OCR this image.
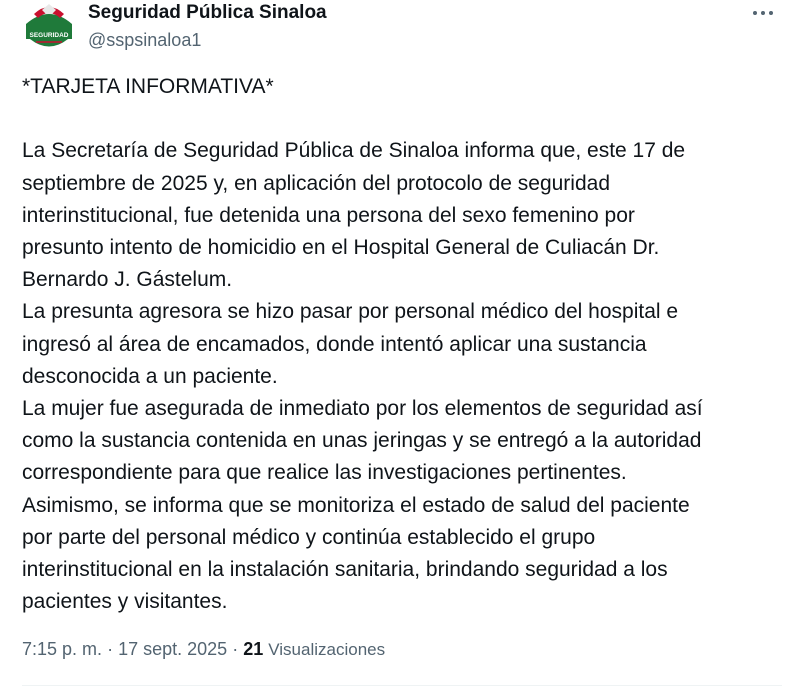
SEGURIDAD
Seguridad Pública Sinaloa
@sspsinaloa1

*TARJETA INFORMATIVA*

La Secretaría de Seguridad Pública de Sinaloa informa que, este 17 de
septiembre de 2025 y, en aplicación del protocolo de seguridad
interinstitucional, fue detenida una persona del sexo femenino por
presunto intento de homicidio en el Hospital General de Culiacán Dr.
Bernardo J. Gástelum.

La presunta agresora se hizo pasar por personal médico del hospital e
ingresó al área de encamados, donde intentó aplicar una sustancia
desconocida a un paciente.

La mujer fue asegurada de inmediato por los elementos de seguridad así
como la sustancia contenida en unas jeringas y se entregó a la autoridad
correspondiente para que realice las investigaciones pertinentes.

Asimismo, se informa que se monitoriza el estado de salud del paciente
por parte del personal médico y continúa establecido el grupo
interinstitucional en la instalación sanitaria, brindando seguridad a los
pacientes y visitantes.

7:15 p. m. · 17 sept. 2025 · 21 Visualizaciones
